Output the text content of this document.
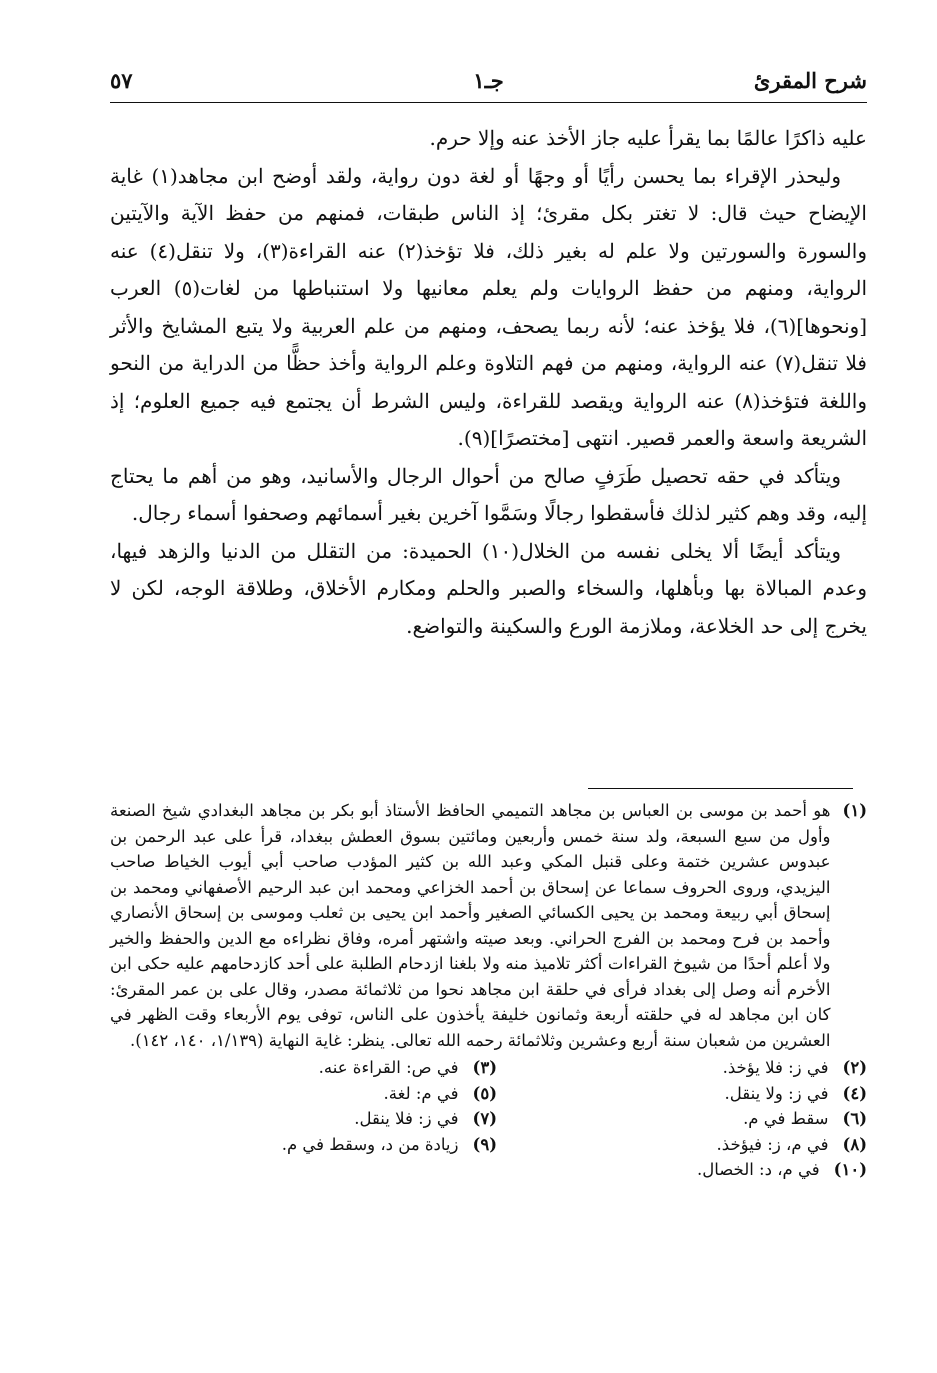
شرح المقرئ
جـ١
٥٧

عليه ذاكرًا عالمًا بما يقرأ عليه جاز الأخذ عنه وإلا حرم.

وليحذر الإقراء بما يحسن رأيًا أو وجهًا أو لغة دون رواية، ولقد أوضح ابن مجاهد(١) غاية الإيضاح حيث قال: لا تغتر بكل مقرئ؛ إذ الناس طبقات، فمنهم من حفظ الآية والآيتين والسورة والسورتين ولا علم له بغير ذلك، فلا تؤخذ(٢) عنه القراءة(٣)، ولا تنقل(٤) عنه الرواية، ومنهم من حفظ الروايات ولم يعلم معانيها ولا استنباطها من لغات(٥) العرب [ونحوها](٦)، فلا يؤخذ عنه؛ لأنه ربما يصحف، ومنهم من علم العربية ولا يتبع المشايخ والأثر فلا تنقل(٧) عنه الرواية، ومنهم من فهم التلاوة وعلم الرواية وأخذ حظًّا من الدراية من النحو واللغة فتؤخذ(٨) عنه الرواية ويقصد للقراءة، وليس الشرط أن يجتمع فيه جميع العلوم؛ إذ الشريعة واسعة والعمر قصير. انتهى [مختصرًا](٩).

ويتأكد في حقه تحصيل طَرَفٍ صالح من أحوال الرجال والأسانيد، وهو من أهم ما يحتاج إليه، وقد وهم كثير لذلك فأسقطوا رجالًا وسَمَّوا آخرين بغير أسمائهم وصحفوا أسماء رجال.

ويتأكد أيضًا ألا يخلى نفسه من الخلال(١٠) الحميدة: من التقلل من الدنيا والزهد فيها، وعدم المبالاة بها وبأهلها، والسخاء والصبر والحلم ومكارم الأخلاق، وطلاقة الوجه، لكن لا يخرج إلى حد الخلاعة، وملازمة الورع والسكينة والتواضع.

(١)
هو أحمد بن موسى بن العباس بن مجاهد التميمي الحافظ الأستاذ أبو بكر بن مجاهد البغدادي شيخ الصنعة وأول من سبع السبعة، ولد سنة خمس وأربعين ومائتين بسوق العطش ببغداد، قرأ على عبد الرحمن بن عبدوس عشرين ختمة وعلى قنبل المكي وعبد الله بن كثير المؤدب صاحب أبي أيوب الخياط صاحب اليزيدي، وروى الحروف سماعا عن إسحاق بن أحمد الخزاعي ومحمد ابن عبد الرحيم الأصفهاني ومحمد بن إسحاق أبي ربيعة ومحمد بن يحيى الكسائي الصغير وأحمد ابن يحيى بن ثعلب وموسى بن إسحاق الأنصاري وأحمد بن فرح ومحمد بن الفرج الحراني. وبعد صيته واشتهر أمره، وفاق نظراءه مع الدين والحفظ والخير ولا أعلم أحدًا من شيوخ القراءات أكثر تلاميذ منه ولا بلغنا ازدحام الطلبة على أحد كازدحامهم عليه حكى ابن الأخرم أنه وصل إلى بغداد فرأى في حلقة ابن مجاهد نحوا من ثلاثمائة مصدر، وقال على بن عمر المقرئ: كان ابن مجاهد له في حلقته أربعة وثمانون خليفة يأخذون على الناس، توفى يوم الأربعاء وقت الظهر في العشرين من شعبان سنة أربع وعشرين وثلاثمائة رحمه الله تعالى. ينظر: غاية النهاية (١/١٣٩، ١٤٠، ١٤٢).
(٢)في ز: فلا يؤخذ.
(٣)في ص: القراءة عنه.
(٤)في ز: ولا ينقل.
(٥)في م: لغة.
(٦)سقط في م.
(٧)في ز: فلا ينقل.
(٨)في م، ز: فيؤخذ.
(٩)زيادة من د، وسقط في م.
(١٠)في م، د: الخصال.
